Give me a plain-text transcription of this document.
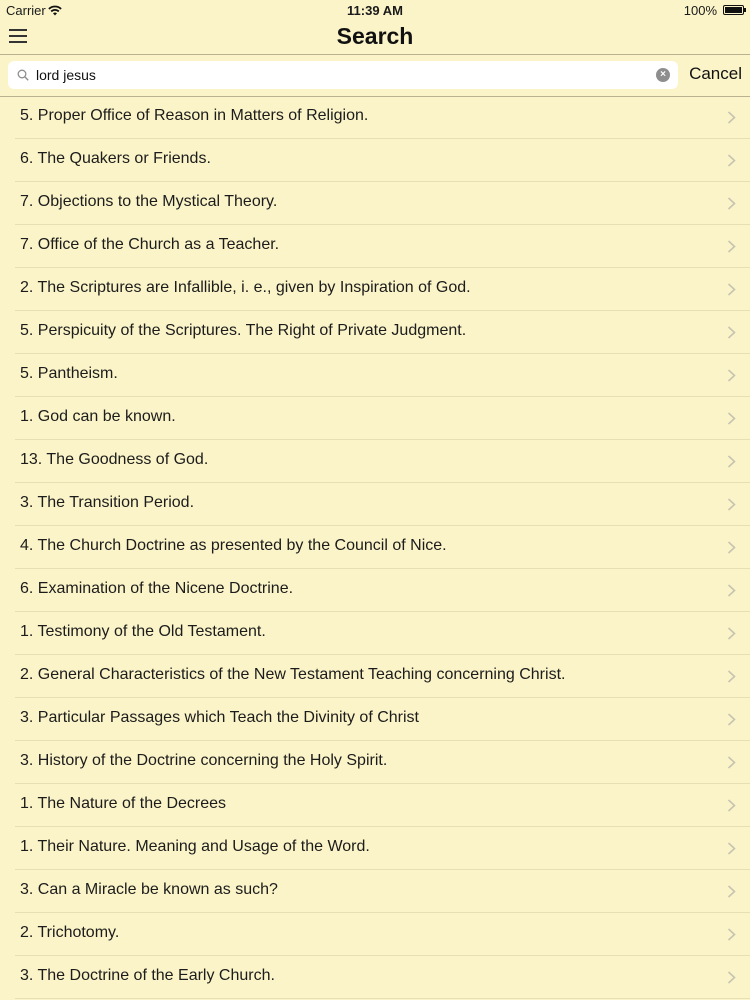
Carrier	11:39 AM	100%
Search
lord jesus
× Cancel
5. Proper Office of Reason in Matters of Religion.
6. The Quakers or Friends.
7. Objections to the Mystical Theory.
7. Office of the Church as a Teacher.
2. The Scriptures are Infallible, i. e., given by Inspiration of God.
5. Perspicuity of the Scriptures. The Right of Private Judgment.
5. Pantheism.
1. God can be known.
13. The Goodness of God.
3. The Transition Period.
4. The Church Doctrine as presented by the Council of Nice.
6. Examination of the Nicene Doctrine.
1. Testimony of the Old Testament.
2. General Characteristics of the New Testament Teaching concerning Christ.
3. Particular Passages which Teach the Divinity of Christ
3. History of the Doctrine concerning the Holy Spirit.
1. The Nature of the Decrees
1. Their Nature. Meaning and Usage of the Word.
3. Can a Miracle be known as such?
2. Trichotomy.
3. The Doctrine of the Early Church.
